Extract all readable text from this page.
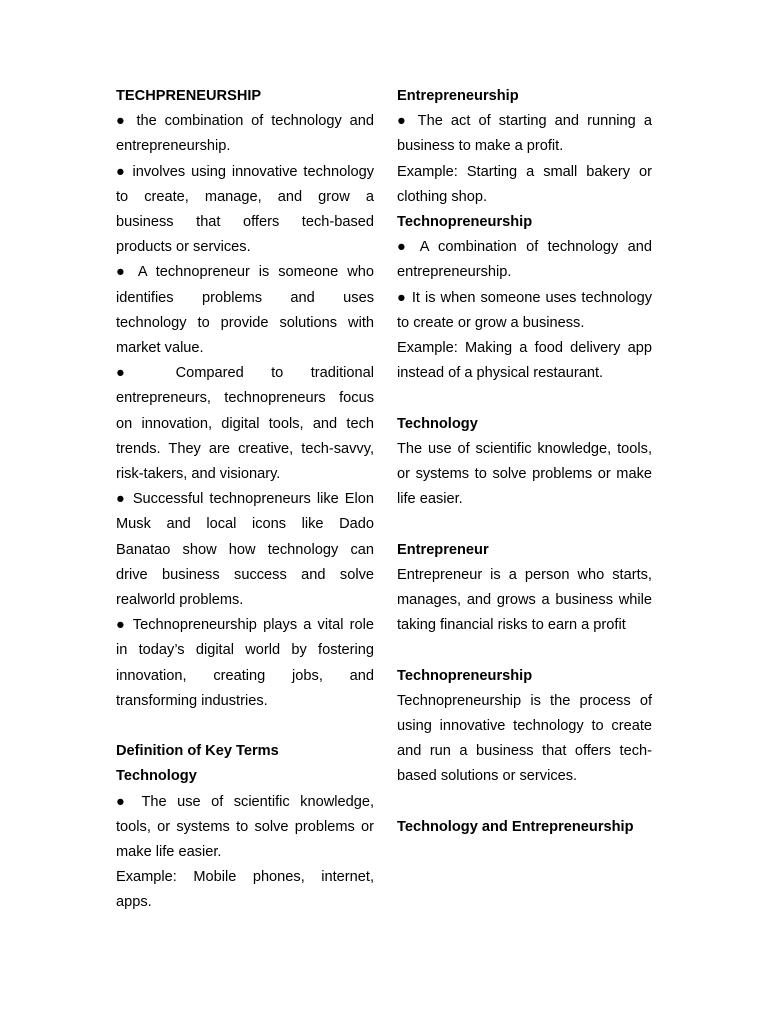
TECHPRENEURSHIP

● the combination of technology and entrepreneurship.

● involves using innovative technology to create, manage, and grow a business that offers tech-based products or services.

● A technopreneur is someone who identifies problems and uses technology to provide solutions with market value.

● Compared to traditional entrepreneurs, technopreneurs focus on innovation, digital tools, and tech trends. They are creative, tech-savvy, risk-takers, and visionary.

● Successful technopreneurs like Elon Musk and local icons like Dado Banatao show how technology can drive business success and solve realworld problems.

● Technopreneurship plays a vital role in today’s digital world by fostering innovation, creating jobs, and transforming industries.

Definition of Key Terms

Technology

● The use of scientific knowledge, tools, or systems to solve problems or make life easier.

Example: Mobile phones, internet, apps.

Entrepreneurship

● The act of starting and running a business to make a profit.

Example: Starting a small bakery or clothing shop.

Technopreneurship

● A combination of technology and entrepreneurship.

● It is when someone uses technology to create or grow a business.

Example: Making a food delivery app instead of a physical restaurant.

Technology

The use of scientific knowledge, tools, or systems to solve problems or make life easier.

Entrepreneur

Entrepreneur is a person who starts, manages, and grows a business while taking financial risks to earn a profit

Technopreneurship

Technopreneurship is the process of using innovative technology to create and run a business that offers tech-based solutions or services.

Technology and Entrepreneurship
